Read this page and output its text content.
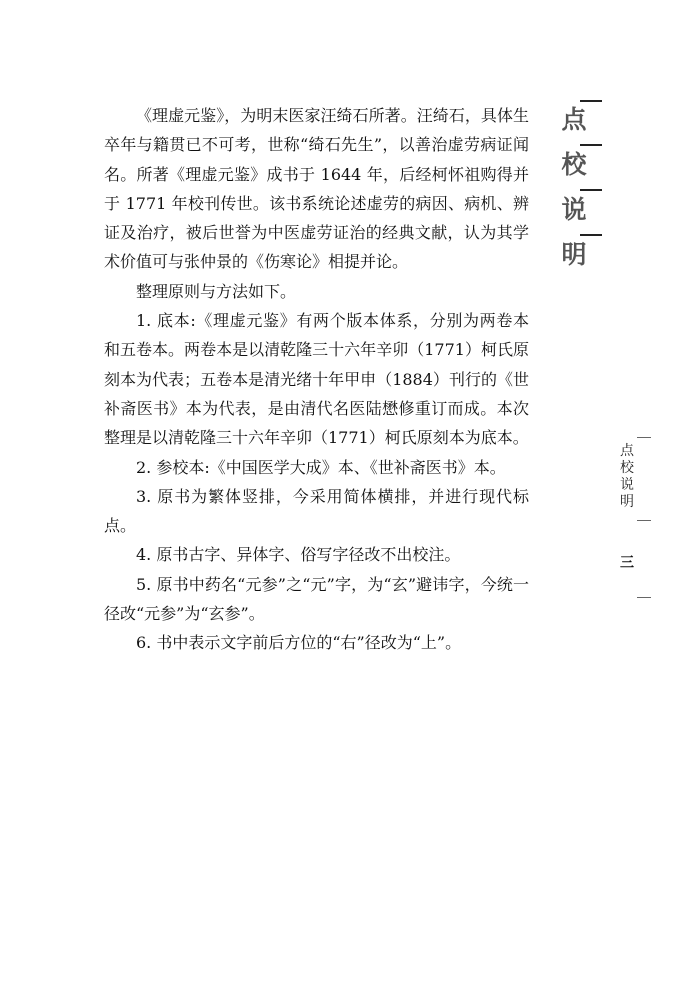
《理虚元鉴》，为明末医家汪绮石所著。汪绮石，具体生卒年与籍贯已不可考，世称“绮石先生”，以善治虚劳病证闻名。所著《理虚元鉴》成书于 1644 年，后经柯怀祖购得并于 1771 年校刊传世。该书系统论述虚劳的病因、病机、辨证及治疗，被后世誉为中医虚劳证治的经典文献，认为其学术价值可与张仲景的《伤寒论》相提并论。

整理原则与方法如下。

1. 底本:《理虚元鉴》有两个版本体系，分别为两卷本和五卷本。两卷本是以清乾隆三十六年辛卯（1771）柯氏原刻本为代表；五卷本是清光绪十年甲申（1884）刊行的《世补斋医书》本为代表，是由清代名医陆懋修重订而成。本次整理是以清乾隆三十六年辛卯（1771）柯氏原刻本为底本。

2. 参校本:《中国医学大成》本、《世补斋医书》本。

3. 原书为繁体竖排，今采用简体横排，并进行现代标点。

4. 原书古字、异体字、俗写字径改不出校注。

5. 原书中药名“元参”之“元”字，为“玄”避讳字，今统一径改“元参”为“玄参”。

6. 书中表示文字前后方位的“右”径改为“上”。

点
校
说
明
点
校
说
明
三
